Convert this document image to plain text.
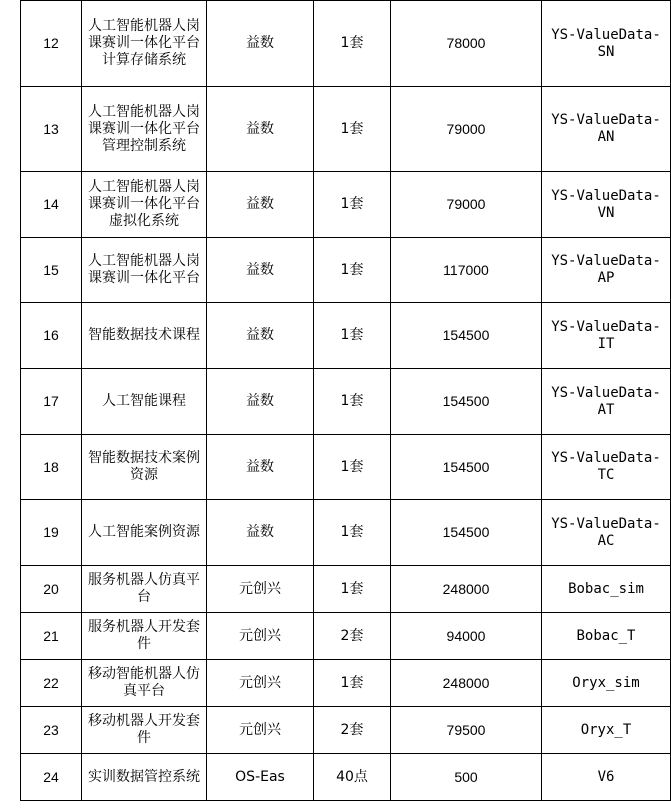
12	人工智能机器人岗课赛训一体化平台计算存储系统	益数	1套	78000	YS-ValueData-SN
13	人工智能机器人岗课赛训一体化平台管理控制系统	益数	1套	79000	YS-ValueData-AN
14	人工智能机器人岗课赛训一体化平台虚拟化系统	益数	1套	79000	YS-ValueData-VN
15	人工智能机器人岗课赛训一体化平台	益数	1套	117000	YS-ValueData-AP
16	智能数据技术课程	益数	1套	154500	YS-ValueData-IT
17	人工智能课程	益数	1套	154500	YS-ValueData-AT
18	智能数据技术案例资源	益数	1套	154500	YS-ValueData-TC
19	人工智能案例资源	益数	1套	154500	YS-ValueData-AC
20	服务机器人仿真平台	元创兴	1套	248000	Bobac_sim
21	服务机器人开发套件	元创兴	2套	94000	Bobac_T
22	移动智能机器人仿真平台	元创兴	1套	248000	Oryx_sim
23	移动机器人开发套件	元创兴	2套	79500	Oryx_T
24	实训数据管控系统	OS-Eas	40点	500	V6
